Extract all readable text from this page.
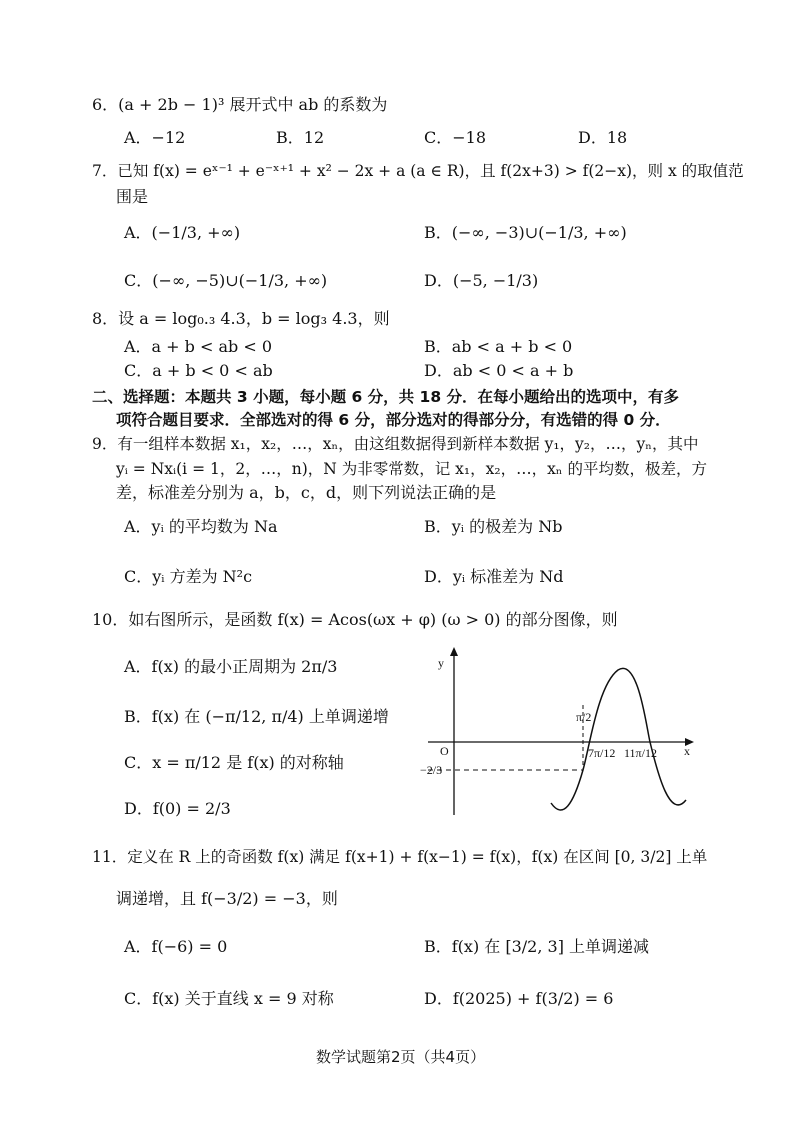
6．(a + 2b − 1)³ 展开式中 ab 的系数为
A．−12	B．12	C．−18	D．18
7．已知 f(x) = eˣ⁻¹ + e⁻ˣ⁺¹ + x² − 2x + a (a ∈ R)，且 f(2x+3) > f(2−x)，则 x 的取值范
围是
A．(−1/3, +∞)	B．(−∞, −3)∪(−1/3, +∞)
C．(−∞, −5)∪(−1/3, +∞)	D．(−5, −1/3)
8．设 a = log₀.₃ 4.3，b = log₃ 4.3，则
A．a + b < ab < 0	B．ab < a + b < 0
C．a + b < 0 < ab	D．ab < 0 < a + b
二、选择题：本题共 3 小题，每小题 6 分，共 18 分．在每小题给出的选项中，有多
项符合题目要求．全部选对的得 6 分，部分选对的得部分分，有选错的得 0 分．
9．有一组样本数据 x₁，x₂，…，xₙ，由这组数据得到新样本数据 y₁，y₂，…，yₙ，其中
yᵢ = Nxᵢ(i = 1，2，…，n)，N 为非零常数，记 x₁，x₂，…，xₙ 的平均数，极差，方
差，标准差分别为 a，b，c，d，则下列说法正确的是
A．yᵢ 的平均数为 Na	B．yᵢ 的极差为 Nb
C．yᵢ 方差为 N²c	D．yᵢ 标准差为 Nd
10．如右图所示，是函数 f(x) = Acos(ωx + φ) (ω > 0) 的部分图像，则
A．f(x) 的最小正周期为 2π/3
B．f(x) 在 (−π/12, π/4) 上单调递增
C．x = π/12 是 f(x) 的对称轴
D．f(0) = 2/3
y
x
O
π/2
−2/3
7π/12 11π/12
11．定义在 R 上的奇函数 f(x) 满足 f(x+1) + f(x−1) = f(x)，f(x) 在区间 [0, 3/2] 上单
调递增，且 f(−3/2) = −3，则
A．f(−6) = 0	B．f(x) 在 [3/2, 3] 上单调递减
C．f(x) 关于直线 x = 9 对称	D．f(2025) + f(3/2) = 6
数学试题第2页（共4页）
